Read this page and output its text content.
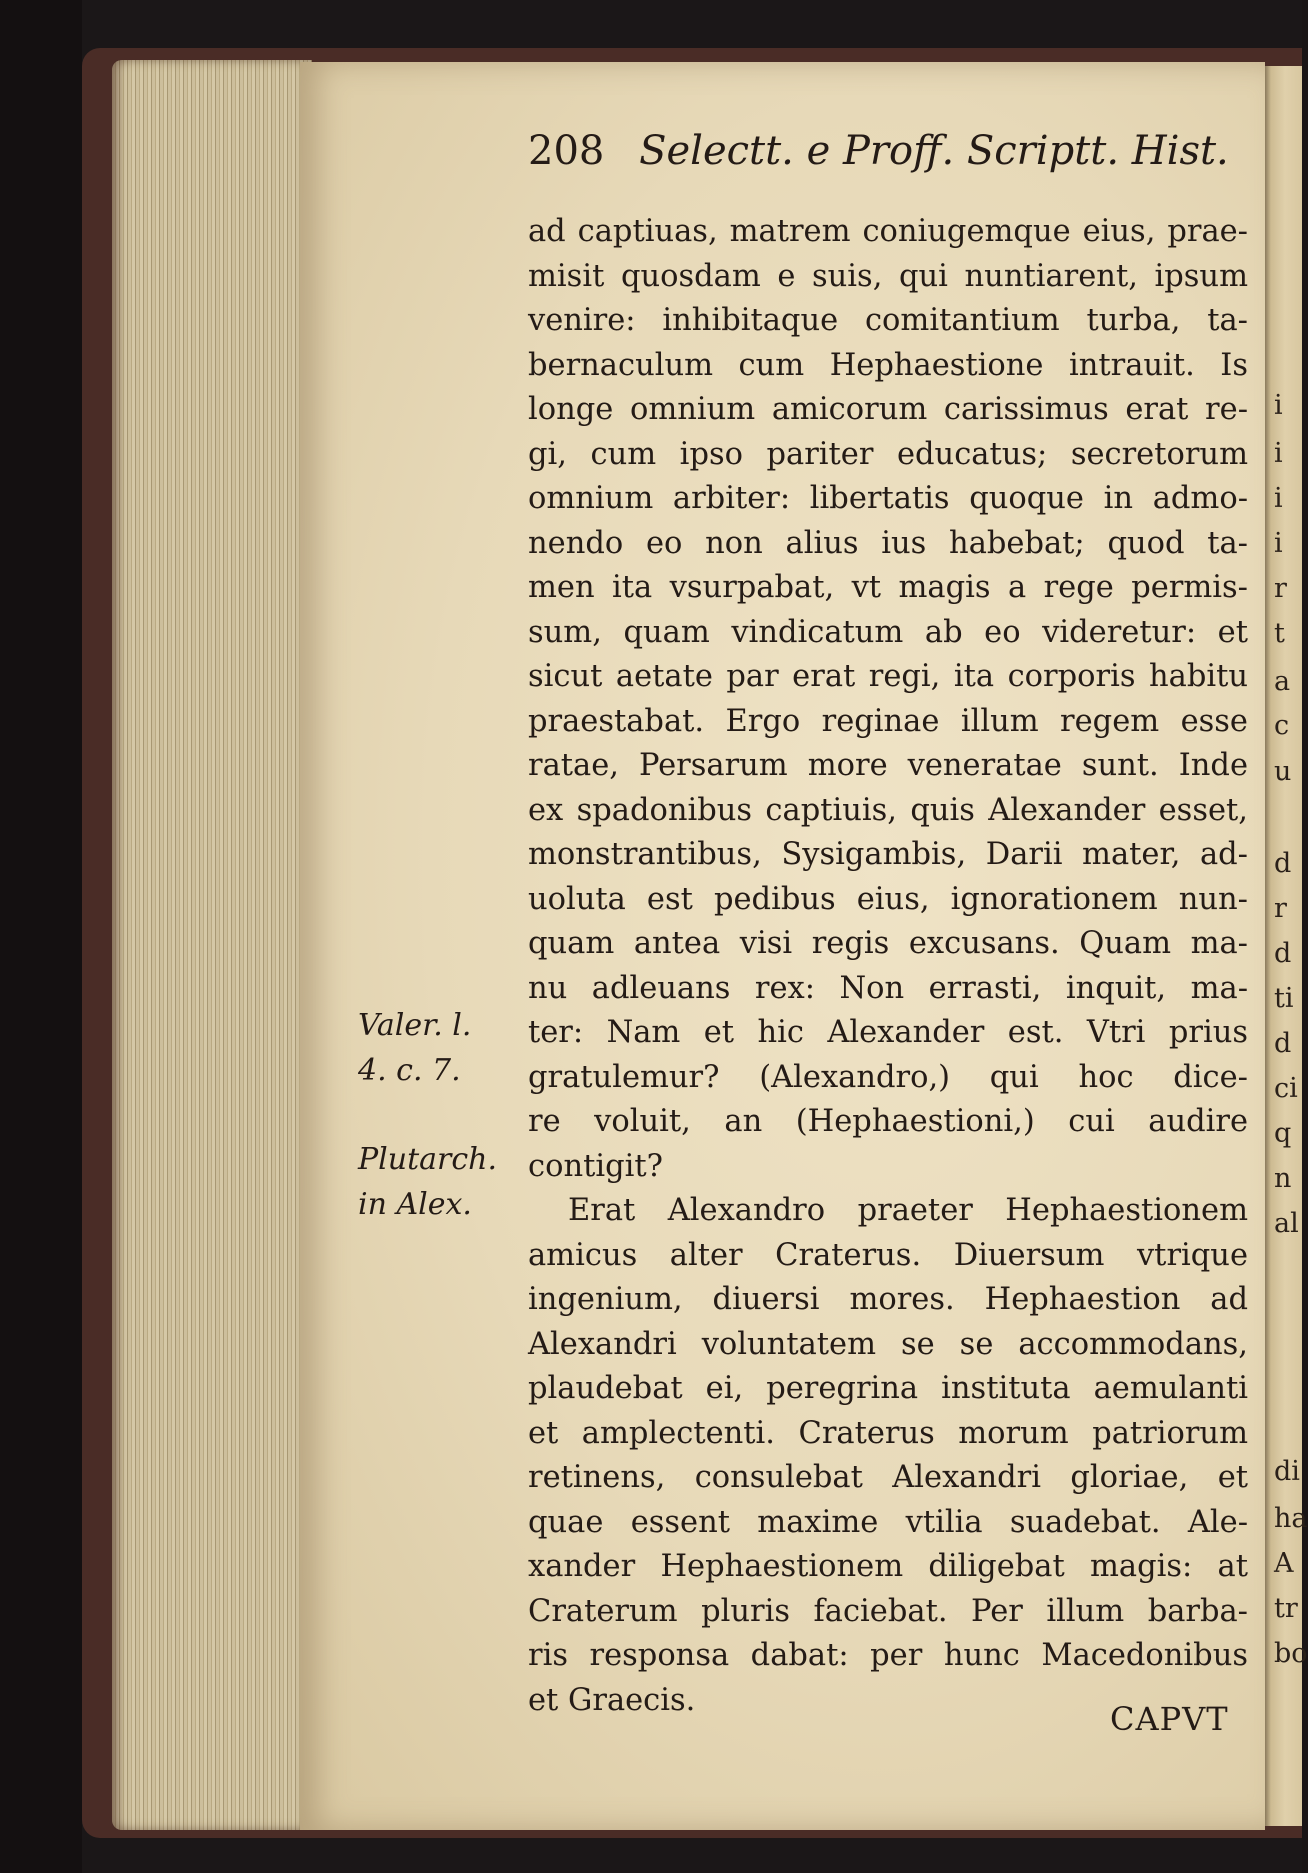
i
i
i
i
r
t
a
c
u
d
r
d
ti
d
ci
q
n
al
di
ha
A
tr
bo
208 Selectt. e Proff. Scriptt. Hist.
ad captiuas, matrem coniugemque eius, prae-
misit quosdam e suis, qui nuntiarent, ipsum
venire: inhibitaque comitantium turba, ta-
bernaculum cum Hephaestione intrauit. Is
longe omnium amicorum carissimus erat re-
gi, cum ipso pariter educatus; secretorum
omnium arbiter: libertatis quoque in admo-
nendo eo non alius ius habebat; quod ta-
men ita vsurpabat, vt magis a rege permis-
sum, quam vindicatum ab eo videretur: et
sicut aetate par erat regi, ita corporis habitu
praestabat. Ergo reginae illum regem esse
ratae, Persarum more veneratae sunt. Inde
ex spadonibus captiuis, quis Alexander esset,
monstrantibus, Sysigambis, Darii mater, ad-
uoluta est pedibus eius, ignorationem nun-
quam antea visi regis excusans. Quam ma-
nu adleuans rex: Non errasti, inquit, ma-
ter: Nam et hic Alexander est. Vtri prius
gratulemur? (Alexandro,) qui hoc dice-
re voluit, an (Hephaestioni,) cui audire
contigit?
Erat Alexandro praeter Hephaestionem
amicus alter Craterus. Diuersum vtrique
ingenium, diuersi mores. Hephaestion ad
Alexandri voluntatem se se accommodans,
plaudebat ei, peregrina instituta aemulanti
et amplectenti. Craterus morum patriorum
retinens, consulebat Alexandri gloriae, et
quae essent maxime vtilia suadebat. Ale-
xander Hephaestionem diligebat magis: at
Craterum pluris faciebat. Per illum barba-
ris responsa dabat: per hunc Macedonibus
et Graecis.
Valer. l.
4. c. 7.
Plutarch.
in Alex.
CAPVT
